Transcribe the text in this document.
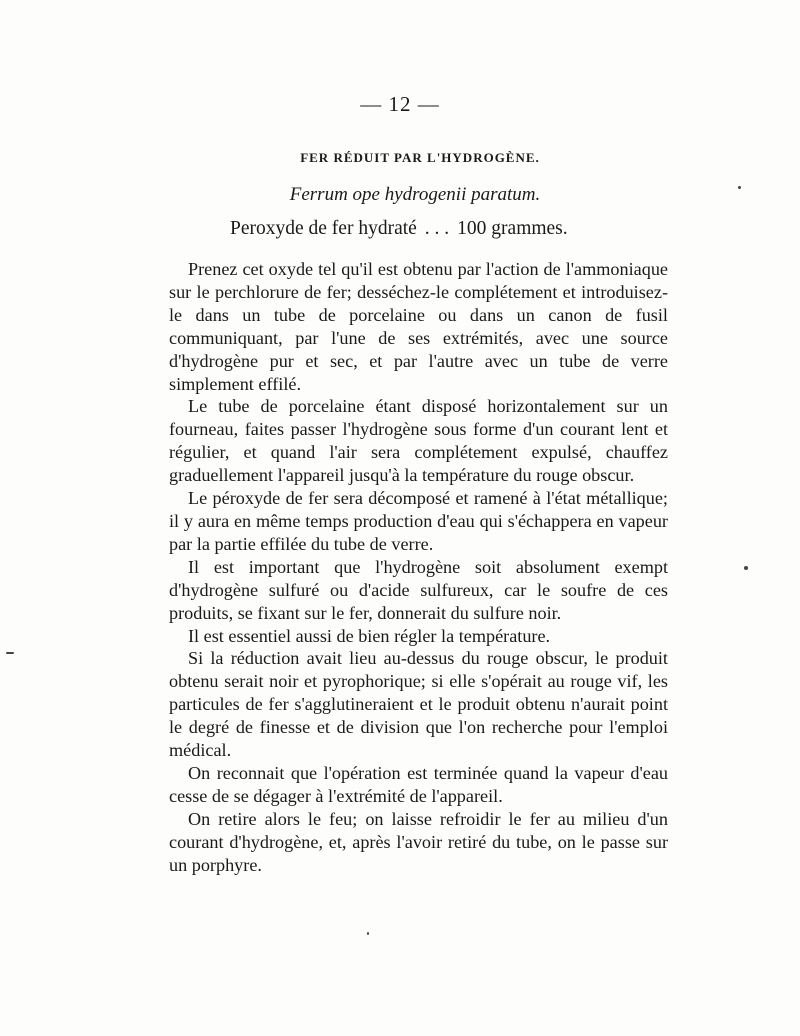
— 12 —
FER RÉDUIT PAR L'HYDROGÈNE.
Ferrum ope hydrogenii paratum.
Peroxyde de fer hydraté . . . 100 grammes.

Prenez cet oxyde tel qu'il est obtenu par l'action de l'ammoniaque sur le perchlorure de fer; desséchez-le complétement et introduisez-le dans un tube de porcelaine ou dans un canon de fusil communiquant, par l'une de ses extrémités, avec une source d'hydrogène pur et sec, et par l'autre avec un tube de verre simplement effilé.

Le tube de porcelaine étant disposé horizontalement sur un fourneau, faites passer l'hydrogène sous forme d'un courant lent et régulier, et quand l'air sera complétement expulsé, chauffez graduellement l'appareil jusqu'à la température du rouge obscur.

Le péroxyde de fer sera décomposé et ramené à l'état métallique; il y aura en même temps production d'eau qui s'échappera en vapeur par la partie effilée du tube de verre.

Il est important que l'hydrogène soit absolument exempt d'hydrogène sulfuré ou d'acide sulfureux, car le soufre de ces produits, se fixant sur le fer, donnerait du sulfure noir.

Il est essentiel aussi de bien régler la température.

Si la réduction avait lieu au-dessus du rouge obscur, le produit obtenu serait noir et pyrophorique; si elle s'opérait au rouge vif, les particules de fer s'agglutineraient et le produit obtenu n'aurait point le degré de finesse et de division que l'on recherche pour l'emploi médical.

On reconnait que l'opération est terminée quand la vapeur d'eau cesse de se dégager à l'extrémité de l'appareil.

On retire alors le feu; on laisse refroidir le fer au milieu d'un courant d'hydrogène, et, après l'avoir retiré du tube, on le passe sur un porphyre.
